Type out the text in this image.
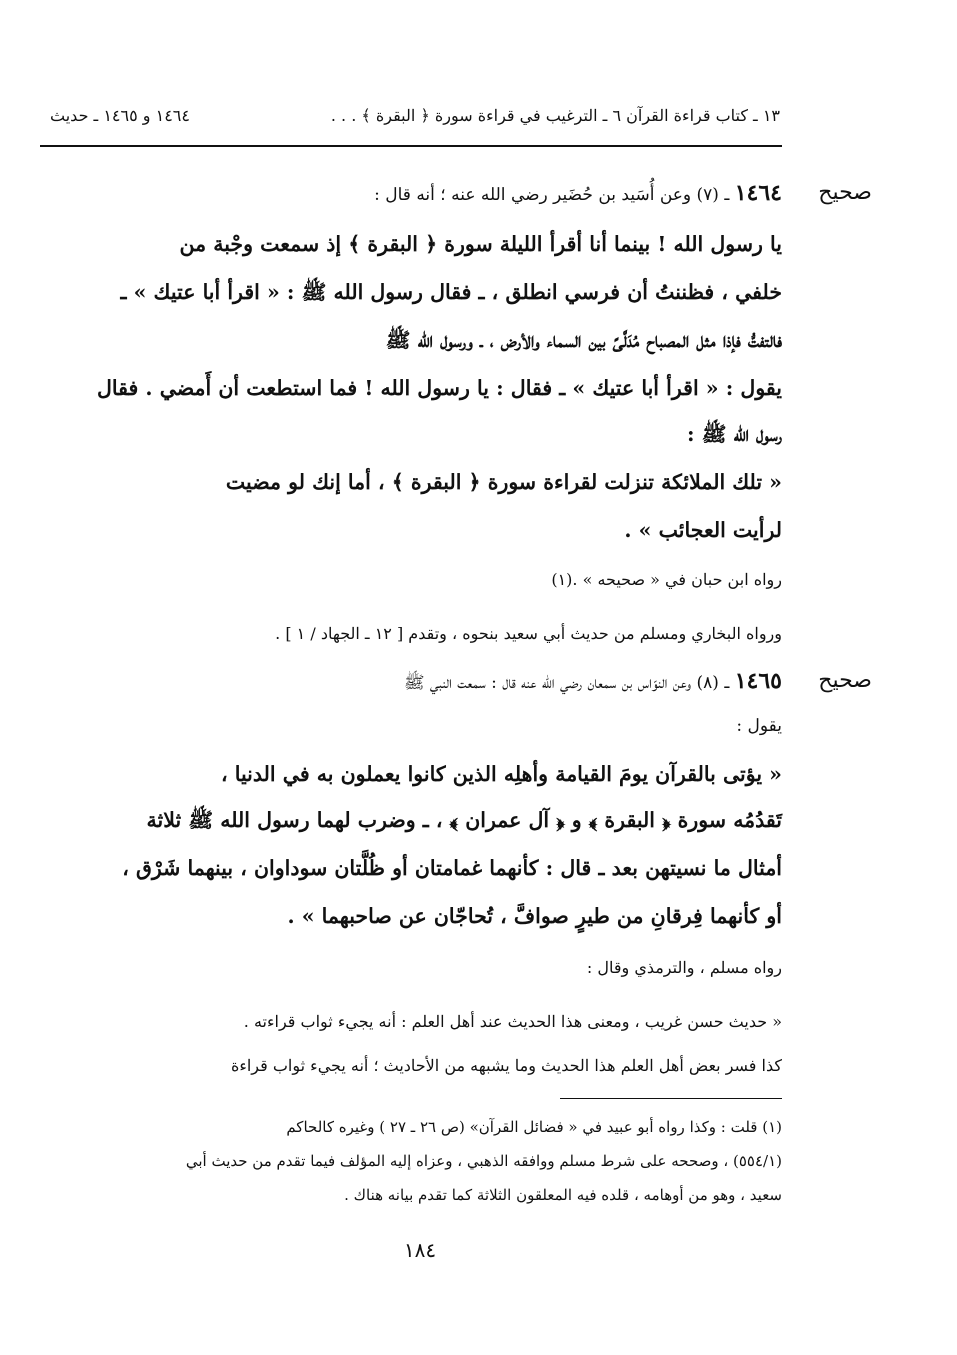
١٣ ـ كتاب قراءة القرآن ٦ ـ الترغيب في قراءة سورة ﴿ البقرة ﴾ . . .
١٤٦٤ و ١٤٦٥ ـ حديث
صحيح
١٤٦٤ ـ (٧) وعن أُسَيد بن حُضَير رضي الله عنه ؛ أنه قال :
يا رسول الله ! بينما أنا أقرأ الليلة سورة ﴿ البقرة ﴾ إذ سمعت وجْبة من
خلفي ، فظننتُ أن فرسي انطلق ، ـ فقال رسول الله ﷺ : « اقرأ أبا عتيك » ـ
فالتفتُّ فإذا مثل المصباح مُدَلَّىً بين السماء والأرض ، ـ ورسول الله ﷺ
يقول : « اقرأ أبا عتيك » ـ فقال : يا رسول الله ! فما استطعت أن أَمضي . فقال
رسول الله ﷺ :
« تلك الملائكة تنزلت لقراءة سورة ﴿ البقرة ﴾ ، أما إنك لو مضيت
لرأيت العجائب » .
رواه ابن حبان في « صحيحه » .(١)
ورواه البخاري ومسلم من حديث أبي سعيد بنحوه ، وتقدم [ ١٢ ـ الجهاد / ١ ] .
صحيح
١٤٦٥ ـ (٨) وعن النوّاس بن سمعان رضي الله عنه قال : سمعت النبي ﷺ
يقول :
« يؤتى بالقرآن يومَ القيامة وأهلِه الذين كانوا يعملون به في الدنيا ،
تَقدُمُه سورة ﴿ البقرة ﴾ و ﴿ آل عمران ﴾ ، ـ وضرب لهما رسول الله ﷺ ثلاثة
أمثال ما نسيتهن بعد ـ قال : كأنهما غمامتان أو ظُلَّتان سوداوان ، بينهما شَرْق ،
أو كأنهما فِرقانِ من طيرٍ صوافَّ ، تُحاجّان عن صاحبهما » .
رواه مسلم ، والترمذي وقال :
« حديث حسن غريب ، ومعنى هذا الحديث عند أهل العلم : أنه يجيء ثواب قراءته .
كذا فسر بعض أهل العلم هذا الحديث وما يشبهه من الأحاديث ؛ أنه يجيء ثواب قراءة
(١) قلت : وكذا رواه أبو عبيد في « فضائل القرآن» (ص ٢٦ ـ ٢٧ ) وغيره كالحاكم
(٥٥٤/١) ، وصححه على شرط مسلم ووافقه الذهبي ، وعزاه إليه المؤلف فيما تقدم من حديث أبي
سعيد ، وهو من أوهامه ، قلده فيه المعلقون الثلاثة كما تقدم بيانه هناك .
١٨٤
